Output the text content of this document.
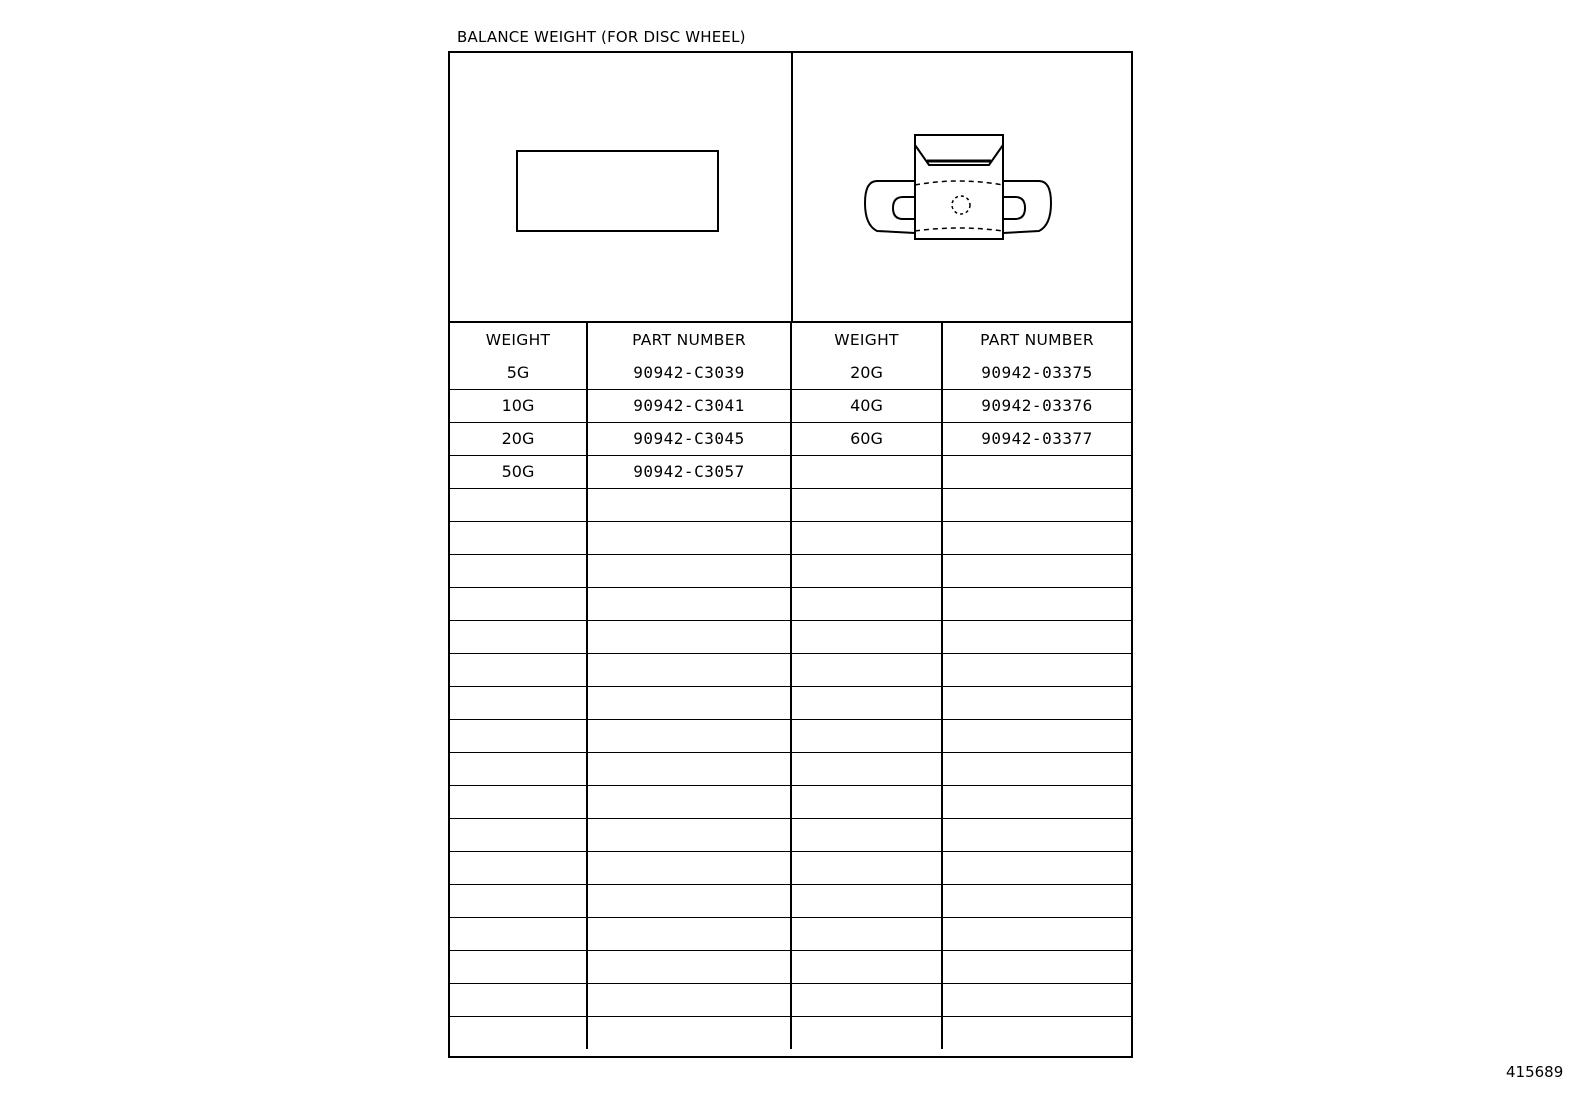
BALANCE WEIGHT (FOR DISC WHEEL)
WEIGHT	PART NUMBER	WEIGHT	PART NUMBER
5G	90942-C3039	20G	90942-03375
10G	90942-C3041	40G	90942-03376
20G	90942-C3045	60G	90942-03377
50G	90942-C3057		

415689
